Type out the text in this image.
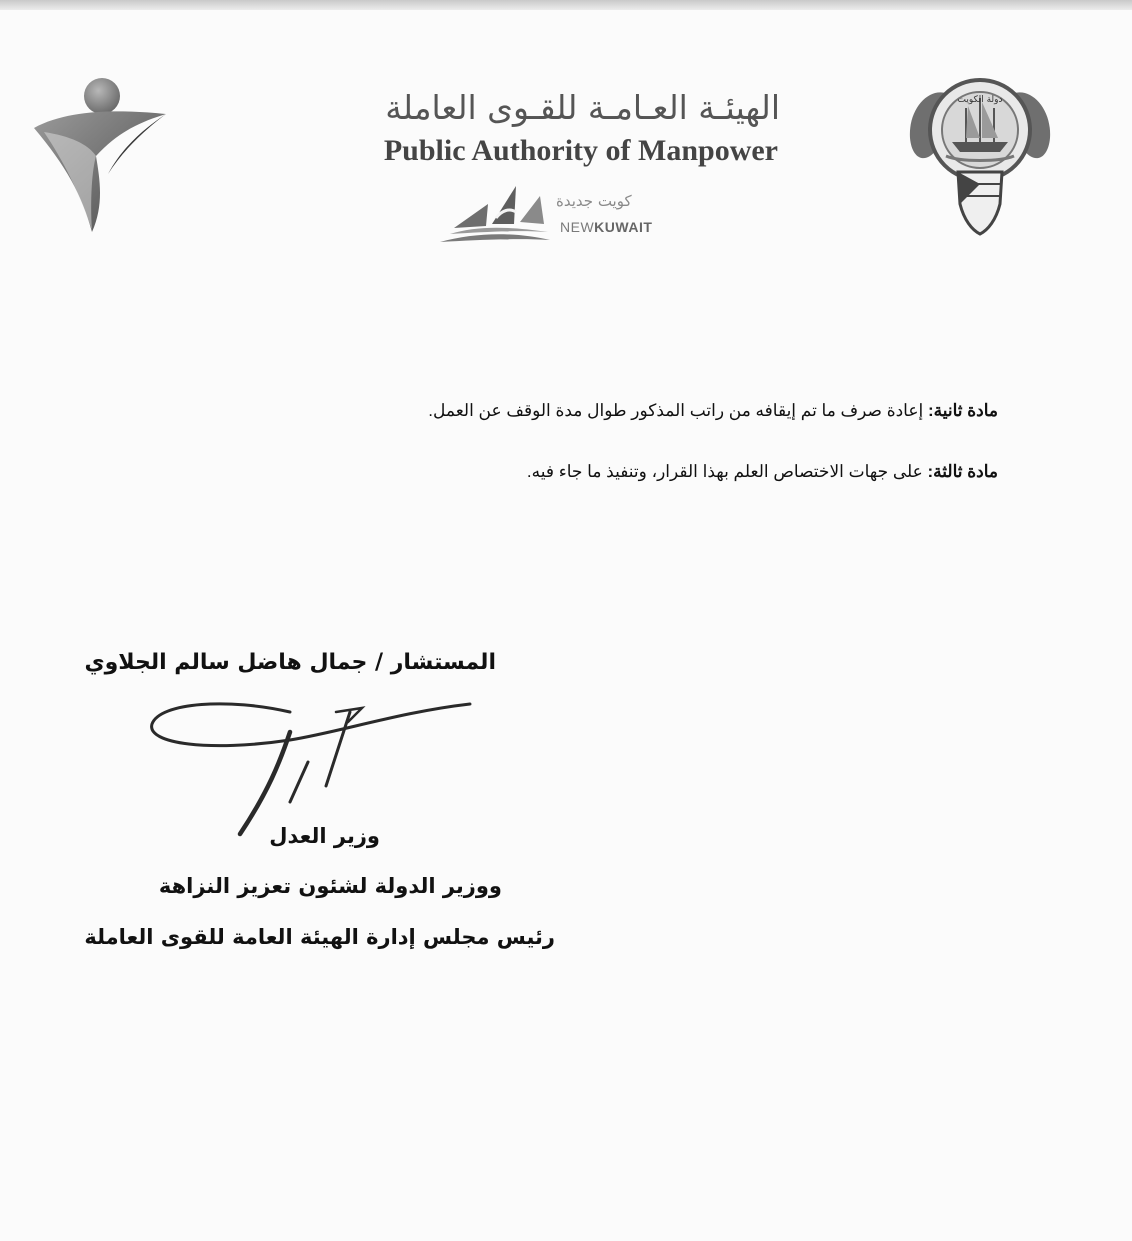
الهيئـة العـامـة للقـوى العاملة
Public Authority of Manpower
كويت جديدة
NEWKUWAIT
دولة الكويت
مادة ثانية: إعادة صرف ما تم إيقافه من راتب المذكور طوال مدة الوقف عن العمل.
مادة ثالثة: على جهات الاختصاص العلم بهذا القرار، وتنفيذ ما جاء فيه.
المستشار / جمال هاضل سالم الجلاوي
وزير العدل
ووزير الدولة لشئون تعزيز النزاهة
رئيس مجلس إدارة الهيئة العامة للقوى العاملة
